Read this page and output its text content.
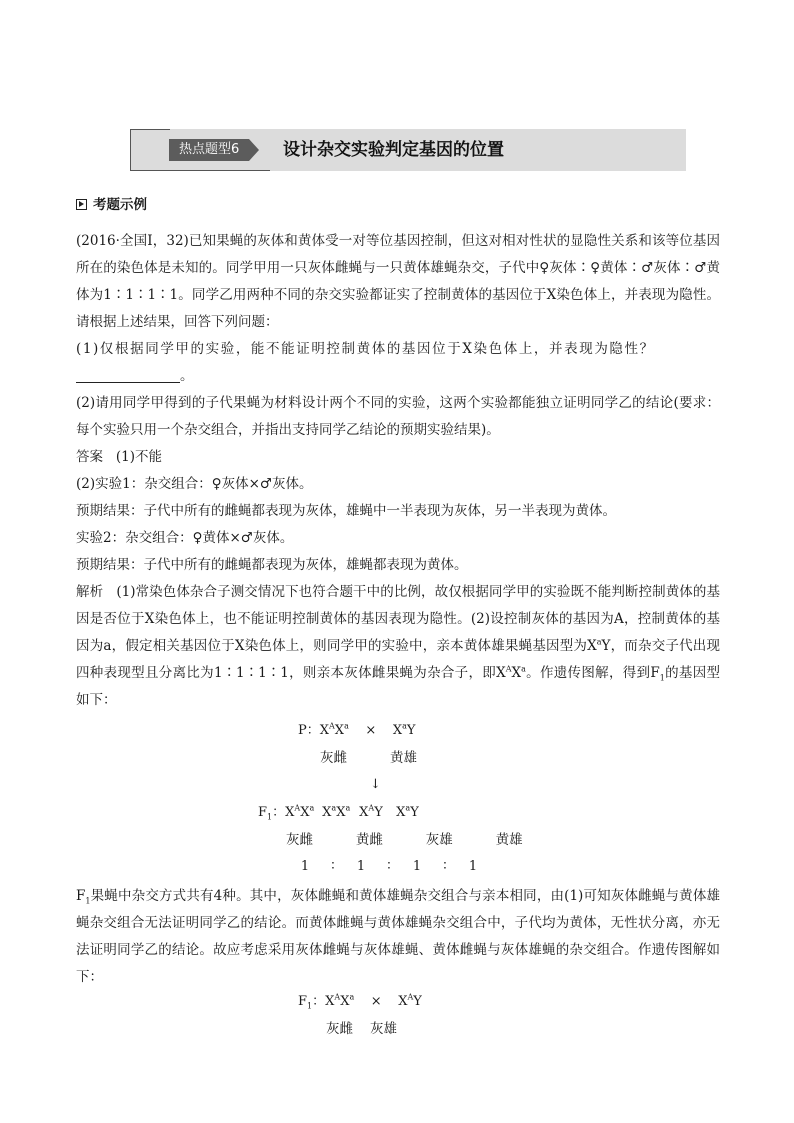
热点题型6	设计杂交实验判定基因的位置
考题示例
(2016·全国Ⅰ，32)已知果蝇的灰体和黄体受一对等位基因控制，但这对相对性状的显隐性关系和该等位基因所在的染色体是未知的。同学甲用一只灰体雌蝇与一只黄体雄蝇杂交，子代中♀灰体∶♀黄体∶♂灰体∶♂黄体为1∶1∶1∶1。同学乙用两种不同的杂交实验都证实了控制黄体的基因位于X染色体上，并表现为隐性。请根据上述结果，回答下列问题：
(1)仅根据同学甲的实验，能不能证明控制黄体的基因位于X染色体上，并表现为隐性？
。
(2)请用同学甲得到的子代果蝇为材料设计两个不同的实验，这两个实验都能独立证明同学乙的结论(要求：每个实验只用一个杂交组合，并指出支持同学乙结论的预期实验结果)。
答案 (1)不能
(2)实验1：杂交组合：♀灰体×♂灰体。
预期结果：子代中所有的雌蝇都表现为灰体，雄蝇中一半表现为灰体，另一半表现为黄体。
实验2：杂交组合：♀黄体×♂灰体。
预期结果：子代中所有的雌蝇都表现为灰体，雄蝇都表现为黄体。
解析 (1)常染色体杂合子测交情况下也符合题干中的比例，故仅根据同学甲的实验既不能判断控制黄体的基因是否位于X染色体上，也不能证明控制黄体的基因表现为隐性。(2)设控制灰体的基因为A，控制黄体的基因为a，假定相关基因位于X染色体上，则同学甲的实验中，亲本黄体雄果蝇基因型为$X^aY$，而杂交子代出现四种表现型且分离比为1∶1∶1∶1，则亲本灰体雌果蝇为杂合子，即$X^AX^a$。作遗传图解，得到$F_1$的基因型如下：
P：$X^AX^a \times X^aY$
灰雌	黄雄
↓
$F_1$：$X^AX^a$ $X^aX^a$ $X^AY$ $X^aY$
灰雌	黄雌	灰雄	黄雄
1 ∶ 1 ∶ 1 ∶ 1
$F_1$果蝇中杂交方式共有4种。其中，灰体雌蝇和黄体雄蝇杂交组合与亲本相同，由(1)可知灰体雌蝇与黄体雄蝇杂交组合无法证明同学乙的结论。而黄体雌蝇与黄体雄蝇杂交组合中，子代均为黄体，无性状分离，亦无法证明同学乙的结论。故应考虑采用灰体雌蝇与灰体雄蝇、黄体雌蝇与灰体雄蝇的杂交组合。作遗传图解如下：
$F_1$：$X^AX^a \times X^AY$
灰雌 灰雄
